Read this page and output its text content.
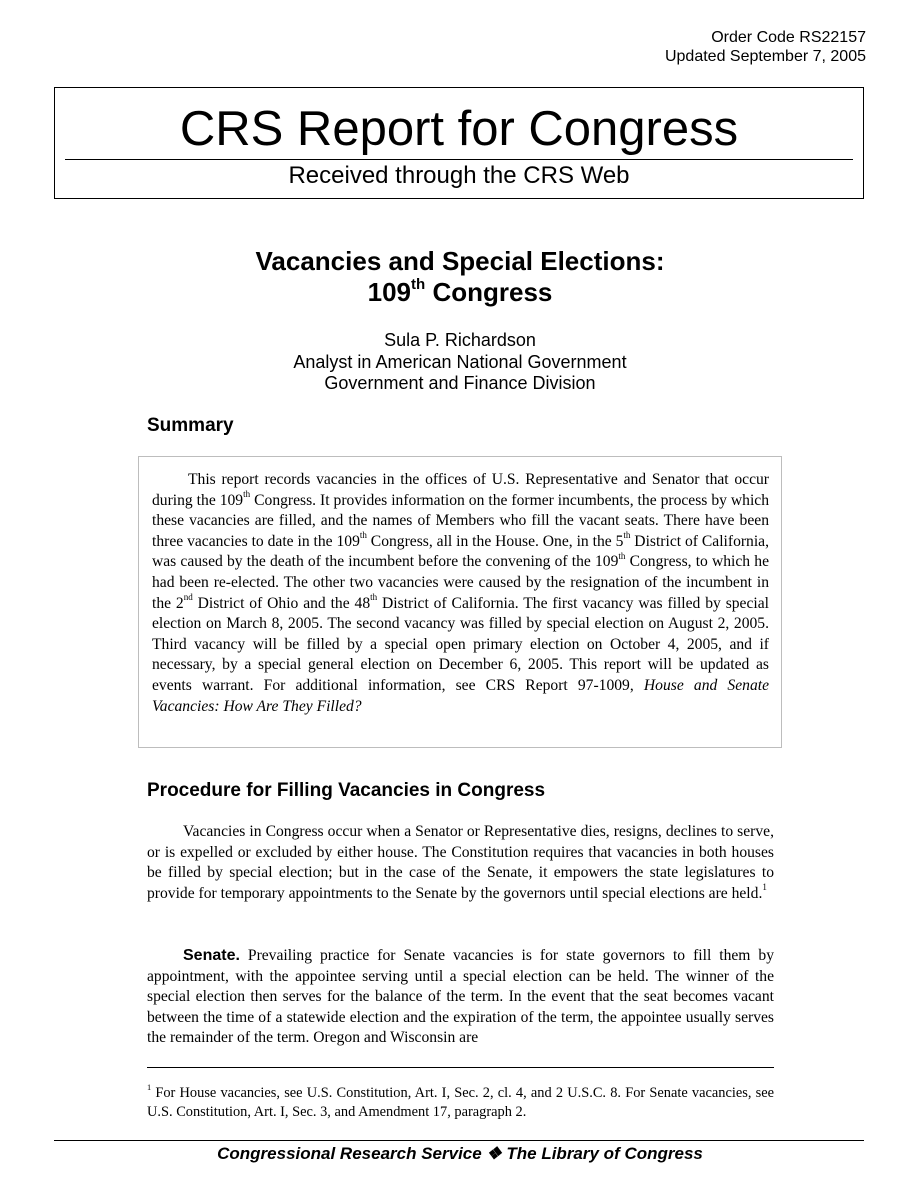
Order Code RS22157
Updated September 7, 2005
CRS Report for Congress
Received through the CRS Web
Vacancies and Special Elections:
109th Congress
Sula P. Richardson
Analyst in American National Government
Government and Finance Division
Summary

This report records vacancies in the offices of U.S. Representative and Senator that occur during the 109th Congress. It provides information on the former incumbents, the process by which these vacancies are filled, and the names of Members who fill the vacant seats. There have been three vacancies to date in the 109th Congress, all in the House. One, in the 5th District of California, was caused by the death of the incumbent before the convening of the 109th Congress, to which he had been re-elected. The other two vacancies were caused by the resignation of the incumbent in the 2nd District of Ohio and the 48th District of California. The first vacancy was filled by special election on March 8, 2005. The second vacancy was filled by special election on August 2, 2005. Third vacancy will be filled by a special open primary election on October 4, 2005, and if necessary, by a special general election on December 6, 2005. This report will be updated as events warrant. For additional information, see CRS Report 97-1009, House and Senate Vacancies: How Are They Filled?

Procedure for Filling Vacancies in Congress

Vacancies in Congress occur when a Senator or Representative dies, resigns, declines to serve, or is expelled or excluded by either house. The Constitution requires that vacancies in both houses be filled by special election; but in the case of the Senate, it empowers the state legislatures to provide for temporary appointments to the Senate by the governors until special elections are held.$^1$

Senate. Prevailing practice for Senate vacancies is for state governors to fill them by appointment, with the appointee serving until a special election can be held. The winner of the special election then serves for the balance of the term. In the event that the seat becomes vacant between the time of a statewide election and the expiration of the term, the appointee usually serves the remainder of the term. Oregon and Wisconsin are

$^1$ For House vacancies, see U.S. Constitution, Art. I, Sec. 2, cl. 4, and 2 U.S.C. 8. For Senate vacancies, see U.S. Constitution, Art. I, Sec. 3, and Amendment 17, paragraph 2.

Congressional Research Service ❖ The Library of Congress
